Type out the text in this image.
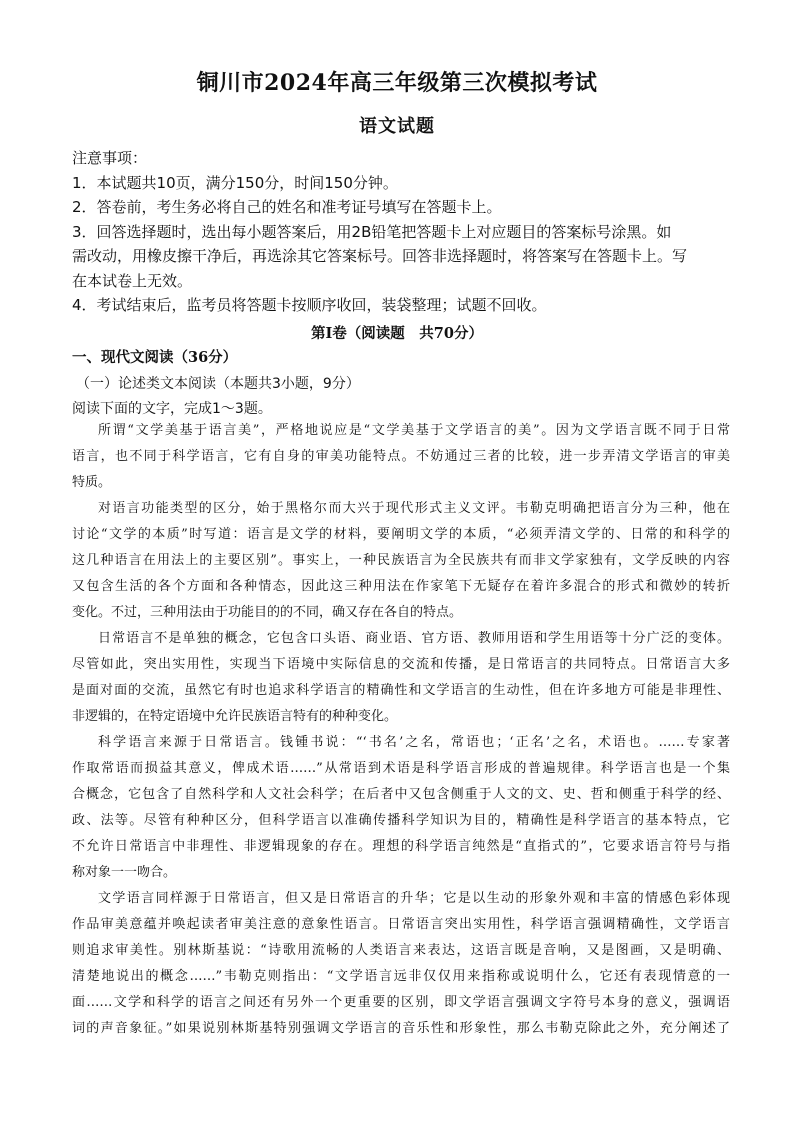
铜川市2024年高三年级第三次模拟考试
语文试题
注意事项：
1．本试题共10页，满分150分，时间150分钟。
2．答卷前，考生务必将自己的姓名和准考证号填写在答题卡上。
3．回答选择题时，选出每小题答案后，用2B铅笔把答题卡上对应题目的答案标号涂黑。如
需改动，用橡皮擦干净后，再选涂其它答案标号。回答非选择题时，将答案写在答题卡上。写
在本试卷上无效。
4．考试结束后，监考员将答题卡按顺序收回，装袋整理；试题不回收。
第Ⅰ卷（阅读题　共70分）
一、现代文阅读（36分）
（一）论述类文本阅读（本题共3小题，9分）
阅读下面的文字，完成1～3题。
所谓“文学美基于语言美”，严格地说应是“文学美基于文学语言的美”。因为文学语言既不同于日常
语言，也不同于科学语言，它有自身的审美功能特点。不妨通过三者的比较，进一步弄清文学语言的审美
特质。
对语言功能类型的区分，始于黑格尔而大兴于现代形式主义文评。韦勒克明确把语言分为三种，他在
讨论“文学的本质”时写道：语言是文学的材料，要阐明文学的本质，“必须弄清文学的、日常的和科学的
这几种语言在用法上的主要区别”。事实上，一种民族语言为全民族共有而非文学家独有，文学反映的内容
又包含生活的各个方面和各种情态，因此这三种用法在作家笔下无疑存在着许多混合的形式和微妙的转折
变化。不过，三种用法由于功能目的的不同，确又存在各自的特点。
日常语言不是单独的概念，它包含口头语、商业语、官方语、教师用语和学生用语等十分广泛的变体。
尽管如此，突出实用性，实现当下语境中实际信息的交流和传播，是日常语言的共同特点。日常语言大多
是面对面的交流，虽然它有时也追求科学语言的精确性和文学语言的生动性，但在许多地方可能是非理性、
非逻辑的，在特定语境中允许民族语言特有的种种变化。
科学语言来源于日常语言。钱锺书说：“‘书名’之名，常语也；‘正名’之名，术语也。……专家著
作取常语而损益其意义，俾成术语……”从常语到术语是科学语言形成的普遍规律。科学语言也是一个集
合概念，它包含了自然科学和人文社会科学；在后者中又包含侧重于人文的文、史、哲和侧重于科学的经、
政、法等。尽管有种种区分，但科学语言以准确传播科学知识为目的，精确性是科学语言的基本特点，它
不允许日常语言中非理性、非逻辑现象的存在。理想的科学语言纯然是“直指式的”，它要求语言符号与指
称对象一一吻合。
文学语言同样源于日常语言，但又是日常语言的升华；它是以生动的形象外观和丰富的情感色彩体现
作品审美意蕴并唤起读者审美注意的意象性语言。日常语言突出实用性，科学语言强调精确性，文学语言
则追求审美性。别林斯基说：“诗歌用流畅的人类语言来表达，这语言既是音响，又是图画，又是明确、
清楚地说出的概念……”韦勒克则指出：“文学语言远非仅仅用来指称或说明什么，它还有表现情意的一
面……文学和科学的语言之间还有另外一个更重要的区别，即文学语言强调文字符号本身的意义，强调语
词的声音象征。”如果说别林斯基特别强调文学语言的音乐性和形象性，那么韦勒克除此之外，充分阐述了
